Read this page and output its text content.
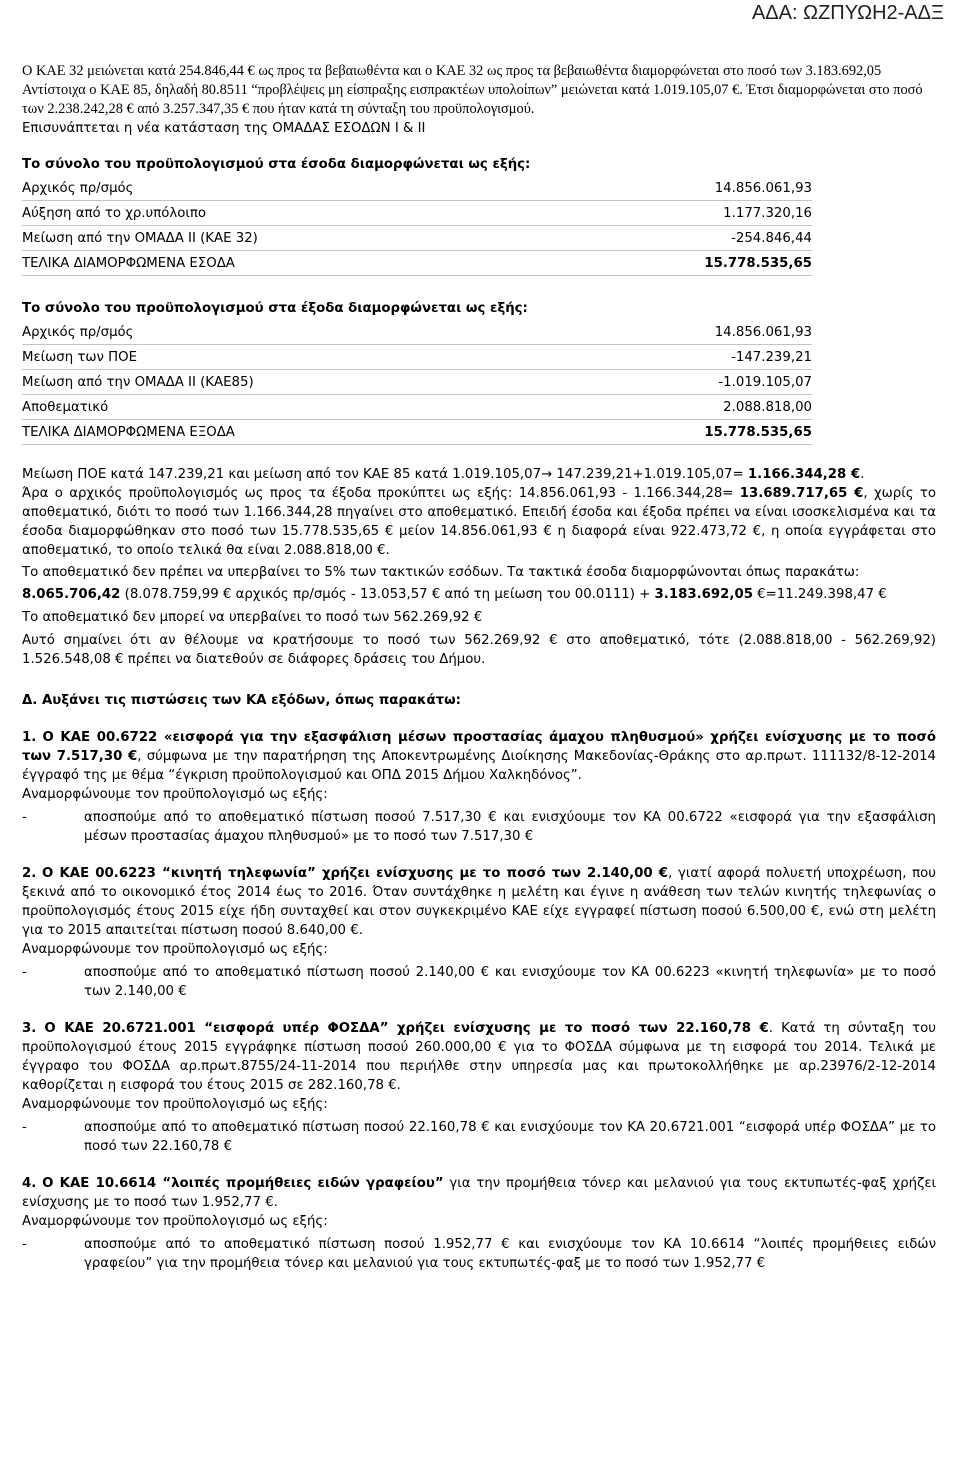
ΑΔΑ: ΩΖΠΥΩΗ2-ΑΔΞ

Ο ΚΑΕ 32 μειώνεται κατά 254.846,44 € ως προς τα βεβαιωθέντα και ο ΚΑΕ 32 ως προς τα βεβαιωθέντα διαμορφώνεται στο ποσό των 3.183.692,05

Αντίστοιχα ο ΚΑΕ 85, δηλαδή 80.8511 “προβλέψεις μη είσπραξης εισπρακτέων υπολοίπων” μειώνεται κατά 1.019.105,07 €. Έτσι διαμορφώνεται στο ποσό των 2.238.242,28 € από 3.257.347,35 € που ήταν κατά τη σύνταξη του προϋπολογισμού.

Επισυνάπτεται η νέα κατάσταση της ΟΜΑΔΑΣ ΕΣΟΔΩΝ Ι & ΙΙ

Το σύνολο του προϋπολογισμού στα έσοδα διαμορφώνεται ως εξής:
Αρχικός πρ/σμός	14.856.061,93
Αύξηση από το χρ.υπόλοιπο	1.177.320,16
Μείωση από την ΟΜΑΔΑ ΙΙ (ΚΑΕ 32)	-254.846,44
ΤΕΛΙΚΑ ΔΙΑΜΟΡΦΩΜΕΝΑ ΕΣΟΔΑ	15.778.535,65
Το σύνολο του προϋπολογισμού στα έξοδα διαμορφώνεται ως εξής:
Αρχικός πρ/σμός	14.856.061,93
Μείωση των ΠΟΕ	-147.239,21
Μείωση από την ΟΜΑΔΑ ΙΙ (ΚΑΕ85)	-1.019.105,07
Αποθεματικό	2.088.818,00
ΤΕΛΙΚΑ ΔΙΑΜΟΡΦΩΜΕΝΑ ΕΞΟΔΑ	15.778.535,65

Μείωση ΠΟΕ κατά 147.239,21 και μείωση από τον ΚΑΕ 85 κατά 1.019.105,07→ 147.239,21+1.019.105,07= 1.166.344,28 €.

Άρα ο αρχικός προϋπολογισμός ως προς τα έξοδα προκύπτει ως εξής: 14.856.061,93 - 1.166.344,28= 13.689.717,65 €, χωρίς το αποθεματικό, διότι το ποσό των 1.166.344,28 πηγαίνει στο αποθεματικό. Επειδή έσοδα και έξοδα πρέπει να είναι ισοσκελισμένα και τα έσοδα διαμορφώθηκαν στο ποσό των 15.778.535,65 € μείον 14.856.061,93 € η διαφορά είναι 922.473,72 €, η οποία εγγράφεται στο αποθεματικό, το οποίο τελικά θα είναι 2.088.818,00 €.

Το αποθεματικό δεν πρέπει να υπερβαίνει το 5% των τακτικών εσόδων. Τα τακτικά έσοδα διαμορφώνονται όπως παρακάτω:

8.065.706,42 (8.078.759,99 € αρχικός πρ/σμός - 13.053,57 € από τη μείωση του 00.0111) + 3.183.692,05 €=11.249.398,47 €

Το αποθεματικό δεν μπορεί να υπερβαίνει το ποσό των 562.269,92 €

Αυτό σημαίνει ότι αν θέλουμε να κρατήσουμε το ποσό των 562.269,92 € στο αποθεματικό, τότε (2.088.818,00 - 562.269,92) 1.526.548,08 € πρέπει να διατεθούν σε διάφορες δράσεις του Δήμου.

Δ. Αυξάνει τις πιστώσεις των ΚΑ εξόδων, όπως παρακάτω:

1. Ο ΚΑΕ 00.6722 «εισφορά για την εξασφάλιση μέσων προστασίας άμαχου πληθυσμού» χρήζει ενίσχυσης με το ποσό των 7.517,30 €, σύμφωνα με την παρατήρηση της Αποκεντρωμένης Διοίκησης Μακεδονίας-Θράκης στο αρ.πρωτ. 111132/8-12-2014 έγγραφό της με θέμα “έγκριση προϋπολογισμού και ΟΠΔ 2015 Δήμου Χαλκηδόνος”.

Αναμορφώνουμε τον προϋπολογισμό ως εξής:

-	αποσπούμε από το αποθεματικό πίστωση ποσού 7.517,30 € και ενισχύουμε τον ΚΑ 00.6722 «εισφορά για την εξασφάλιση μέσων προστασίας άμαχου πληθυσμού» με το ποσό των 7.517,30 €

2. Ο ΚΑΕ 00.6223 “κινητή τηλεφωνία” χρήζει ενίσχυσης με το ποσό των 2.140,00 €, γιατί αφορά πολυετή υποχρέωση, που ξεκινά από το οικονομικό έτος 2014 έως το 2016. Όταν συντάχθηκε η μελέτη και έγινε η ανάθεση των τελών κινητής τηλεφωνίας ο προϋπολογισμός έτους 2015 είχε ήδη συνταχθεί και στον συγκεκριμένο ΚΑΕ είχε εγγραφεί πίστωση ποσού 6.500,00 €, ενώ στη μελέτη για το 2015 απαιτείται πίστωση ποσού 8.640,00 €.

Αναμορφώνουμε τον προϋπολογισμό ως εξής:

-	αποσπούμε από το αποθεματικό πίστωση ποσού 2.140,00 € και ενισχύουμε τον ΚΑ 00.6223 «κινητή τηλεφωνία» με το ποσό των 2.140,00 €

3. Ο ΚΑΕ 20.6721.001 “εισφορά υπέρ ΦΟΣΔΑ” χρήζει ενίσχυσης με το ποσό των 22.160,78 €. Κατά τη σύνταξη του προϋπολογισμού έτους 2015 εγγράφηκε πίστωση ποσού 260.000,00 € για το ΦΟΣΔΑ σύμφωνα με τη εισφορά του 2014. Τελικά με έγγραφο του ΦΟΣΔΑ αρ.πρωτ.8755/24-11-2014 που περιήλθε στην υπηρεσία μας και πρωτοκολλήθηκε με αρ.23976/2-12-2014 καθορίζεται η εισφορά του έτους 2015 σε 282.160,78 €.

Αναμορφώνουμε τον προϋπολογισμό ως εξής:

-	αποσπούμε από το αποθεματικό πίστωση ποσού 22.160,78 € και ενισχύουμε τον ΚΑ 20.6721.001 “εισφορά υπέρ ΦΟΣΔΑ” με το ποσό των 22.160,78 €

4. Ο ΚΑΕ 10.6614 “λοιπές προμήθειες ειδών γραφείου” για την προμήθεια τόνερ και μελανιού για τους εκτυπωτές-φαξ χρήζει ενίσχυσης με το ποσό των 1.952,77 €.

Αναμορφώνουμε τον προϋπολογισμό ως εξής:

-	αποσπούμε από το αποθεματικό πίστωση ποσού 1.952,77 € και ενισχύουμε τον ΚΑ 10.6614 “λοιπές προμήθειες ειδών γραφείου” για την προμήθεια τόνερ και μελανιού για τους εκτυπωτές-φαξ με το ποσό των 1.952,77 €
